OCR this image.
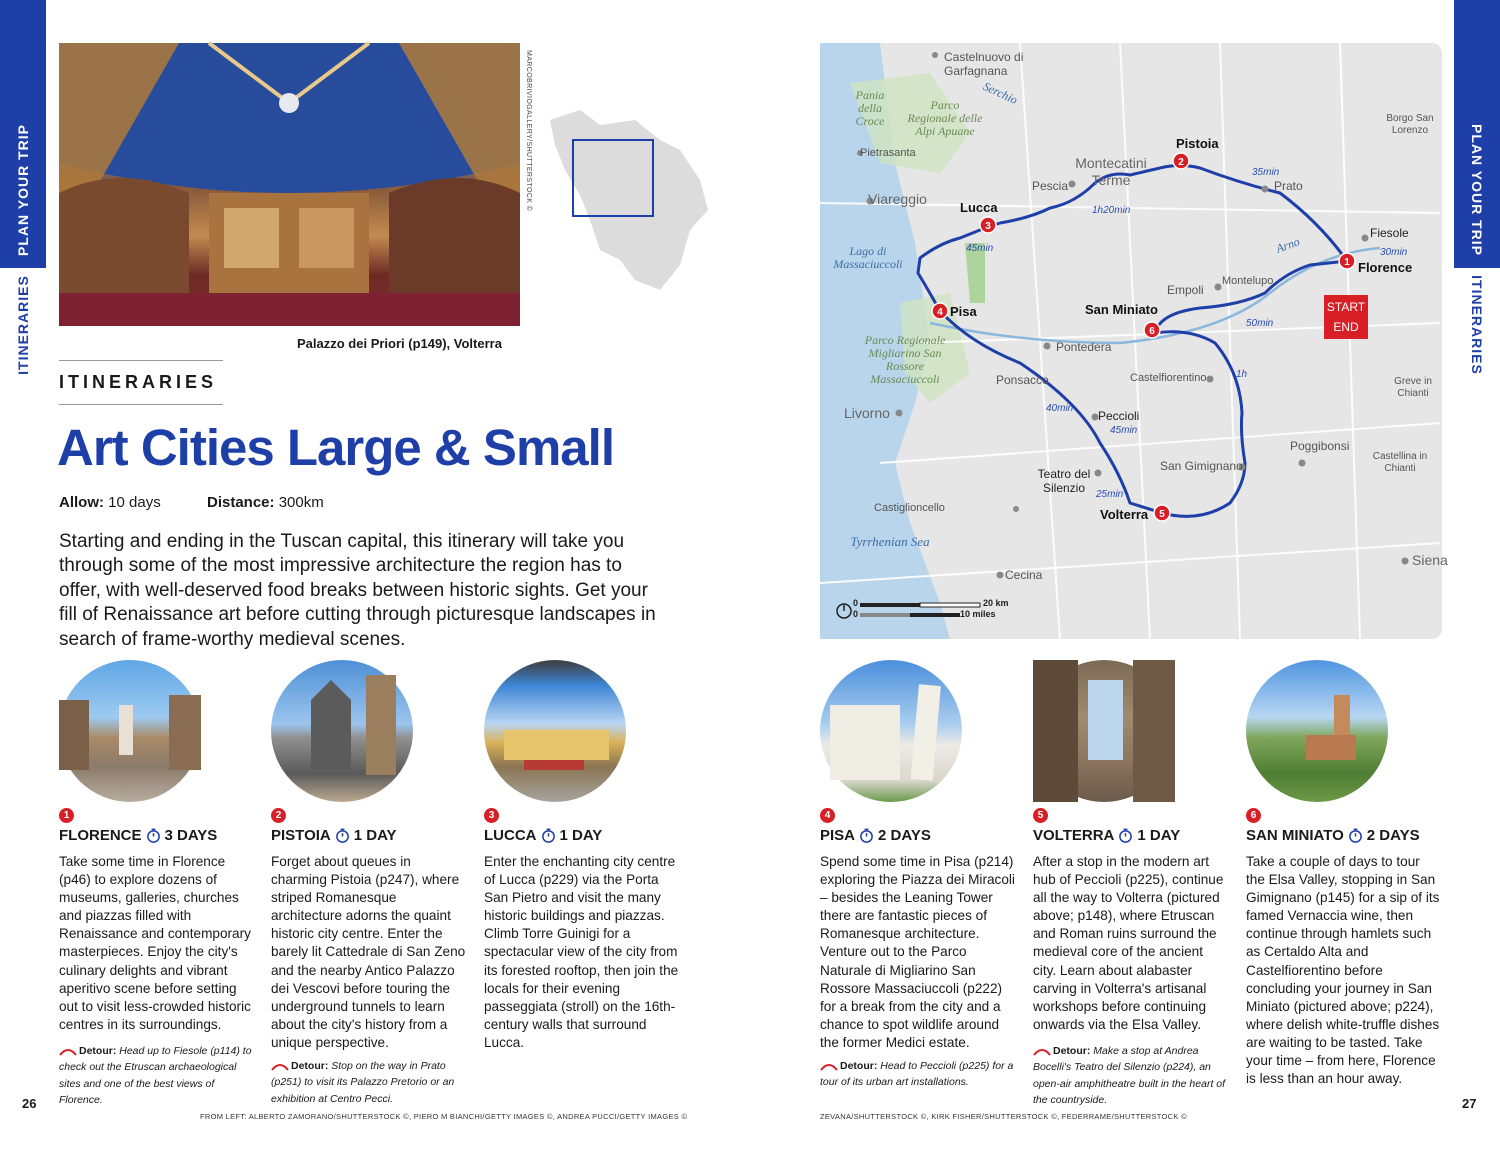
PLAN YOUR TRIP
ITINERARIES
PLAN YOUR TRIP
ITINERARIES
MARCOBRIVIOGALLERY/SHUTTERSTOCK ©
Palazzo dei Priori (p149), Volterra
ITINERARIES
Art Cities Large & Small
Allow: 10 days	Distance: 300km

Starting and ending in the Tuscan capital, this itinerary will take you through some of the most impressive architecture the region has to offer, with well-deserved food breaks between historic sights. Get your fill of Renaissance art before cutting through picturesque landscapes in search of frame-worthy medieval scenes.

1
FLORENCE 3 DAYS
Take some time in Florence (p46) to explore dozens of museums, galleries, churches and piazzas filled with Renaissance and contemporary masterpieces. Enjoy the city's culinary delights and vibrant aperitivo scene before setting out to visit less-crowded historic centres in its surroundings.
Detour: Head up to Fiesole (p114) to check out the Etruscan archaeological sites and one of the best views of Florence.
2
PISTOIA 1 DAY
Forget about queues in charming Pistoia (p247), where striped Romanesque architecture adorns the quaint historic city centre. Enter the barely lit Cattedrale di San Zeno and the nearby Antico Palazzo dei Vescovi before touring the underground tunnels to learn about the city's history from a unique perspective.
Detour: Stop on the way in Prato (p251) to visit its Palazzo Pretorio or an exhibition at Centro Pecci.
3
LUCCA 1 DAY
Enter the enchanting city centre of Lucca (p229) via the Porta San Pietro and visit the many historic buildings and piazzas. Climb Torre Guinigi for a spectacular view of the city from its forested rooftop, then join the locals for their evening passeggiata (stroll) on the 16th-century walls that surround Lucca.
4
PISA 2 DAYS
Spend some time in Pisa (p214) exploring the Piazza dei Miracoli – besides the Leaning Tower there are fantastic pieces of Romanesque architecture. Venture out to the Parco Naturale di Migliarino San Rossore Massaciuccoli (p222) for a break from the city and a chance to spot wildlife around the former Medici estate.
Detour: Head to Peccioli (p225) for a tour of its urban art installations.
5
VOLTERRA 1 DAY
After a stop in the modern art hub of Peccioli (p225), continue all the way to Volterra (pictured above; p148), where Etruscan and Roman ruins surround the medieval core of the ancient city. Learn about alabaster carving in Volterra's artisanal workshops before continuing onwards via the Elsa Valley.
Detour: Make a stop at Andrea Bocelli's Teatro del Silenzio (p224), an open-air amphitheatre built in the heart of the countryside.
6
SAN MINIATO 2 DAYS
Take a couple of days to tour the Elsa Valley, stopping in San Gimignano (p145) for a sip of its famed Vernaccia wine, then continue through hamlets such as Certaldo Alta and Castelfiorentino before concluding your journey in San Miniato (pictured above; p224), where delish white-truffle dishes are waiting to be tasted. Take your time – from here, Florence is less than an hour away.
1
2
3
4
5
6
Castelnuovo di Garfagnana
Pania della Croce
Parco Regionale delle Alpi Apuane
Serchio
Pietrasanta
Viareggio
Lago di Massaciuccoli
Montecatini Terme
Pescia
Pistoia
Prato
Lucca
Borgo San Lorenzo
Fiesole
Florence
Arno
Empoli
Montelupo
San Miniato
Pisa
Parco Regionale Migliarino San Rossore Massaciuccoli
Pontedera
Ponsacco	Castelfiorentino	Greve in Chianti
Livorno	Peccioli
Poggibonsi
San Gimignano
Castellina in Chianti
Teatro del Silenzio
Castiglioncello	Volterra
Tyrrhenian Sea
Cecina
Siena
35min
1h20min
45min	30min
50min
1h
40min
45min
25min
START
END
0	20 km
0	10 miles
26	27
FROM LEFT: ALBERTO ZAMORANO/SHUTTERSTOCK ©, PIERO M BIANCHI/GETTY IMAGES ©, ANDREA PUCCI/GETTY IMAGES ©	ZEVANA/SHUTTERSTOCK ©, KIRK FISHER/SHUTTERSTOCK ©, FEDERRAME/SHUTTERSTOCK ©
